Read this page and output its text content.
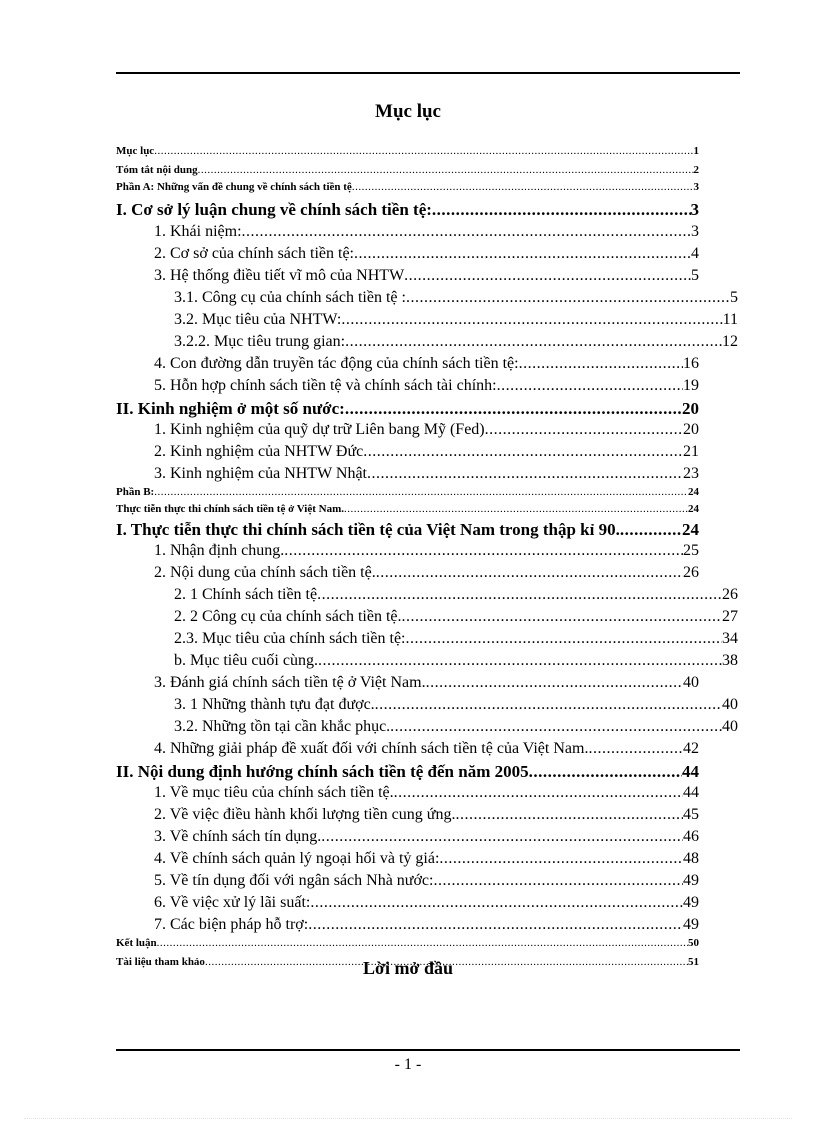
Mục lục
Mục lục .....	1
Tóm tắt nội dung .....	2
Phần A: Những vấn đề chung về chính sách tiền tệ .....	3
I. Cơ sở lý luận chung về chính sách tiền tệ: .....	3
1. Khái niệm: .....	3
2. Cơ sở của chính sách tiền tệ: .....	4
3. Hệ thống điều tiết vĩ mô của NHTW .....	5
3.1. Công cụ của chính sách tiền tệ : .....	5
3.2. Mục tiêu của NHTW: .....	11
3.2.2. Mục tiêu trung gian: .....	12
4. Con đường dẫn truyền tác động của chính sách tiền tệ: .....	16
5. Hỗn hợp chính sách tiền tệ và chính sách tài chính: .....	19
II. Kinh nghiệm ở một số nước: .....	20
1. Kinh nghiệm của quỹ dự trữ Liên bang Mỹ (Fed) .....	20
2. Kinh nghiệm của NHTW Đức .....	21
3. Kinh nghiệm của NHTW Nhật .....	23
Phần B: .....	24
Thực tiễn thực thi chính sách tiền tệ ở Việt Nam. .....	24
I. Thực tiễn thực thi chính sách tiền tệ của Việt Nam trong thập kỉ 90. .....	24
1. Nhận định chung. .....	25
2. Nội dung của chính sách tiền tệ. .....	26
2. 1 Chính sách tiền tệ .....	26
2. 2 Công cụ của chính sách tiền tệ. .....	27
2.3. Mục tiêu của chính sách tiền tệ: .....	34
b. Mục tiêu cuối cùng. .....	38
3. Đánh giá chính sách tiền tệ ở Việt Nam. .....	40
3. 1 Những thành tựu đạt được. .....	40
3.2. Những tồn tại cần khắc phục. .....	40
4. Những giải pháp đề xuất đối với chính sách tiền tệ của Việt Nam. .....	42
II. Nội dung định hướng chính sách tiền tệ đến năm 2005 .....	44
1. Về mục tiêu của chính sách tiền tệ. .....	44
2. Về việc điều hành khối lượng tiền cung ứng. .....	45
3. Về chính sách tín dụng. .....	46
4. Về chính sách quản lý ngoại hối và tỷ giá: .....	48
5. Về tín dụng đối với ngân sách Nhà nước: .....	49
6. Về việc xử lý lãi suất: .....	49
7. Các biện pháp hỗ trợ: .....	49
Kết luận .....	50
Tài liệu tham khảo .....	51
Lời mở đầu
- 1 -
